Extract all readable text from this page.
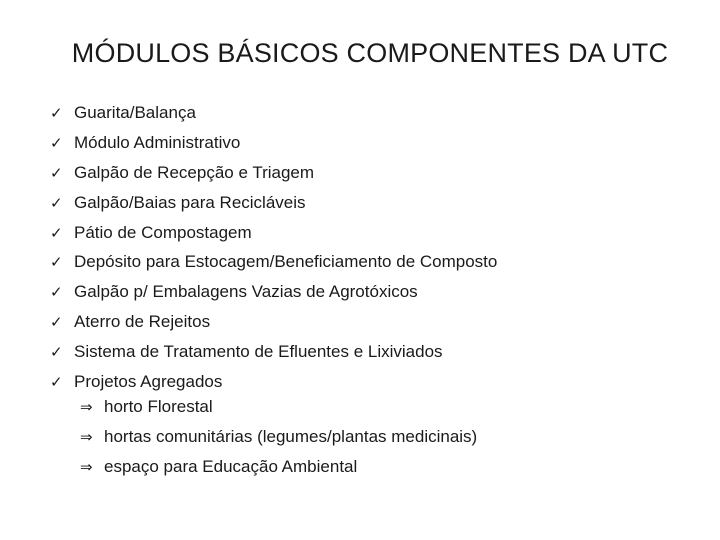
MÓDULOS BÁSICOS COMPONENTES DA UTC
✓ Guarita/Balança
✓ Módulo Administrativo
✓ Galpão de Recepção e Triagem
✓ Galpão/Baias para Recicláveis
✓ Pátio de Compostagem
✓ Depósito para Estocagem/Beneficiamento de Composto
✓ Galpão p/ Embalagens Vazias de Agrotóxicos
✓ Aterro de Rejeitos
✓ Sistema de Tratamento de Efluentes e Lixiviados
✓ Projetos Agregados
⇒ horto Florestal
⇒ hortas comunitárias (legumes/plantas medicinais)
⇒ espaço para Educação Ambiental
